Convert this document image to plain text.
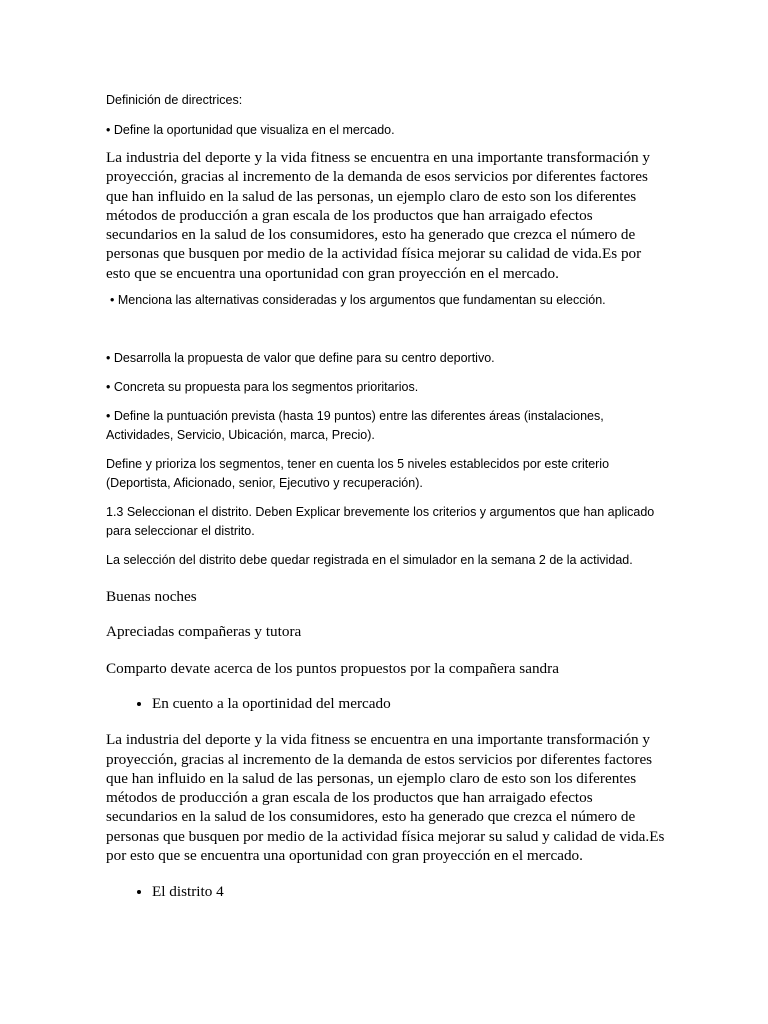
Definición de directrices:

• Define la oportunidad que visualiza en el mercado.

La industria del deporte y la vida fitness se encuentra en una importante transformación y proyección, gracias al incremento de la demanda de esos servicios por diferentes factores que han influido en la salud de las personas, un ejemplo claro de esto son los diferentes métodos de producción a gran escala de los productos que han arraigado efectos secundarios en la salud de los consumidores, esto ha generado que crezca el número de personas que busquen por medio de la actividad física mejorar su calidad de vida.Es por esto que se encuentra una oportunidad con gran proyección en el mercado.

• Menciona las alternativas consideradas y los argumentos que fundamentan su elección.

• Desarrolla la propuesta de valor que define para su centro deportivo.

• Concreta su propuesta para los segmentos prioritarios.

• Define la puntuación prevista (hasta 19 puntos) entre las diferentes áreas (instalaciones, Actividades, Servicio, Ubicación, marca, Precio).

Define y prioriza los segmentos, tener en cuenta los 5 niveles establecidos por este criterio (Deportista, Aficionado, senior, Ejecutivo y recuperación).

1.3 Seleccionan el distrito. Deben Explicar brevemente los criterios y argumentos que han aplicado para seleccionar el distrito.

La selección del distrito debe quedar registrada en el simulador en la semana 2 de la actividad.

Buenas noches

Apreciadas compañeras y tutora

Comparto devate acerca de los puntos propuestos por la compañera sandra

• En cuento a la oportinidad del mercado

La industria del deporte y la vida fitness se encuentra en una importante transformación y proyección, gracias al incremento de la demanda de estos servicios por diferentes factores que han influido en la salud de las personas, un ejemplo claro de esto son los diferentes métodos de producción a gran escala de los productos que han arraigado efectos secundarios en la salud de los consumidores, esto ha generado que crezca el número de personas que busquen por medio de la actividad física mejorar su salud y calidad de vida.Es por esto que se encuentra una oportunidad con gran proyección en el mercado.

• El distrito 4
